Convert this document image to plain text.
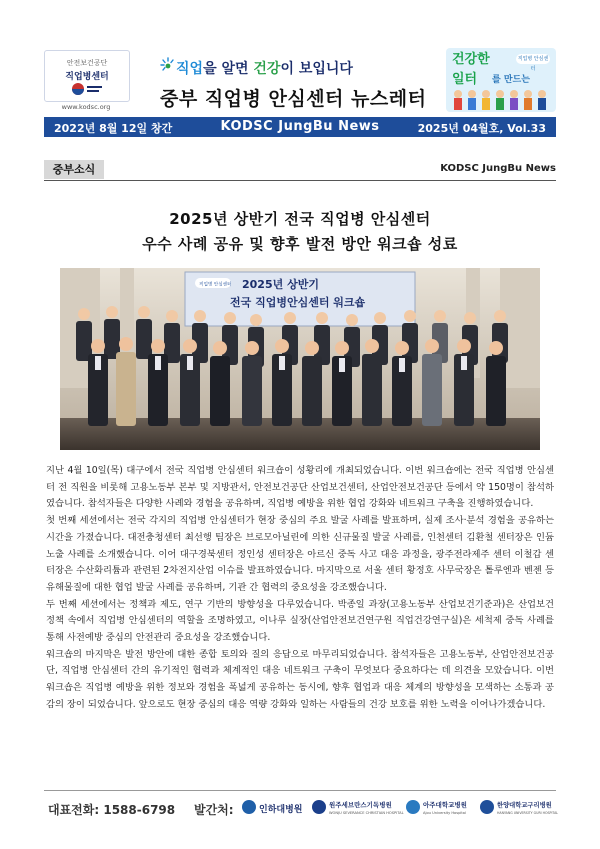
안전보건공단
직업병센터
www.kodsc.org
직업을 알면 건강이 보입니다
중부 직업병 안심센터 뉴스레터
건강한
일터 를 만드는
직업병 안심센터
KODSC JungBu News
2022년 8월 12일 창간	2025년 04월호, Vol.33
중부소식	KODSC JungBu News
2025년 상반기 전국 직업병 안심센터
우수 사례 공유 및 향후 발전 방안 워크숍 성료
2025년 상반기
전국 직업병안심센터 워크숍
직업병 안심센터

지난 4월 10일(목) 대구에서 전국 직업병 안심센터 워크숍이 성황리에 개최되었습니다. 이번 워크숍에는 전국 직업병 안심센터 전 직원을 비롯해 고용노동부 본부 및 지방관서, 안전보건공단 산업보건센터, 산업안전보건공단 등에서 약 150명이 참석하였습니다. 참석자들은 다양한 사례와 경험을 공유하며, 직업병 예방을 위한 협업 강화와 네트워크 구축을 진행하였습니다.

첫 번째 세션에서는 전국 각지의 직업병 안심센터가 현장 중심의 주요 발굴 사례를 발표하며, 실제 조사·분석 경험을 공유하는 시간을 가졌습니다. 대전충청센터 최선행 팀장은 브로모아닐린에 의한 신규물질 발굴 사례를, 인천센터 김환철 센터장은 인듐 노출 사례를 소개했습니다. 이어 대구경북센터 정인성 센터장은 아르신 중독 사고 대응 과정을, 광주전라제주 센터 이철갑 센터장은 수산화리튬과 관련된 2차전지산업 이슈를 발표하였습니다. 마지막으로 서울 센터 황정호 사무국장은 톨루엔과 벤젠 등 유해물질에 대한 협업 발굴 사례를 공유하며, 기관 간 협력의 중요성을 강조했습니다.

두 번째 세션에서는 정책과 제도, 연구 기반의 방향성을 다루었습니다. 박종일 과장(고용노동부 산업보건기준과)은 산업보건 정책 속에서 직업병 안심센터의 역할을 조명하였고, 이나루 실장(산업안전보건연구원 직업건강연구실)은 세척제 중독 사례를 통해 사전예방 중심의 안전관리 중요성을 강조했습니다.

워크숍의 마지막은 발전 방안에 대한 종합 토의와 질의 응답으로 마무리되었습니다. 참석자들은 고용노동부, 산업안전보건공단, 직업병 안심센터 간의 유기적인 협력과 체계적인 대응 네트워크 구축이 무엇보다 중요하다는 데 의견을 모았습니다. 이번 워크숍은 직업병 예방을 위한 정보와 경험을 폭넓게 공유하는 동시에, 향후 협업과 대응 체계의 방향성을 모색하는 소통과 공감의 장이 되었습니다. 앞으로도 현장 중심의 대응 역량 강화와 일하는 사람들의 건강 보호를 위한 노력을 이어나가겠습니다.

대표전화: 1588-6798 발간처:	인하대병원	원주세브란스기독병원
WONJU SEVERANCE CHRISTIAN HOSPITAL
아주대학교병원
Ajou University Hospital
한양대학교구리병원
HANYANG UNIVERSITY GURI HOSPITAL
